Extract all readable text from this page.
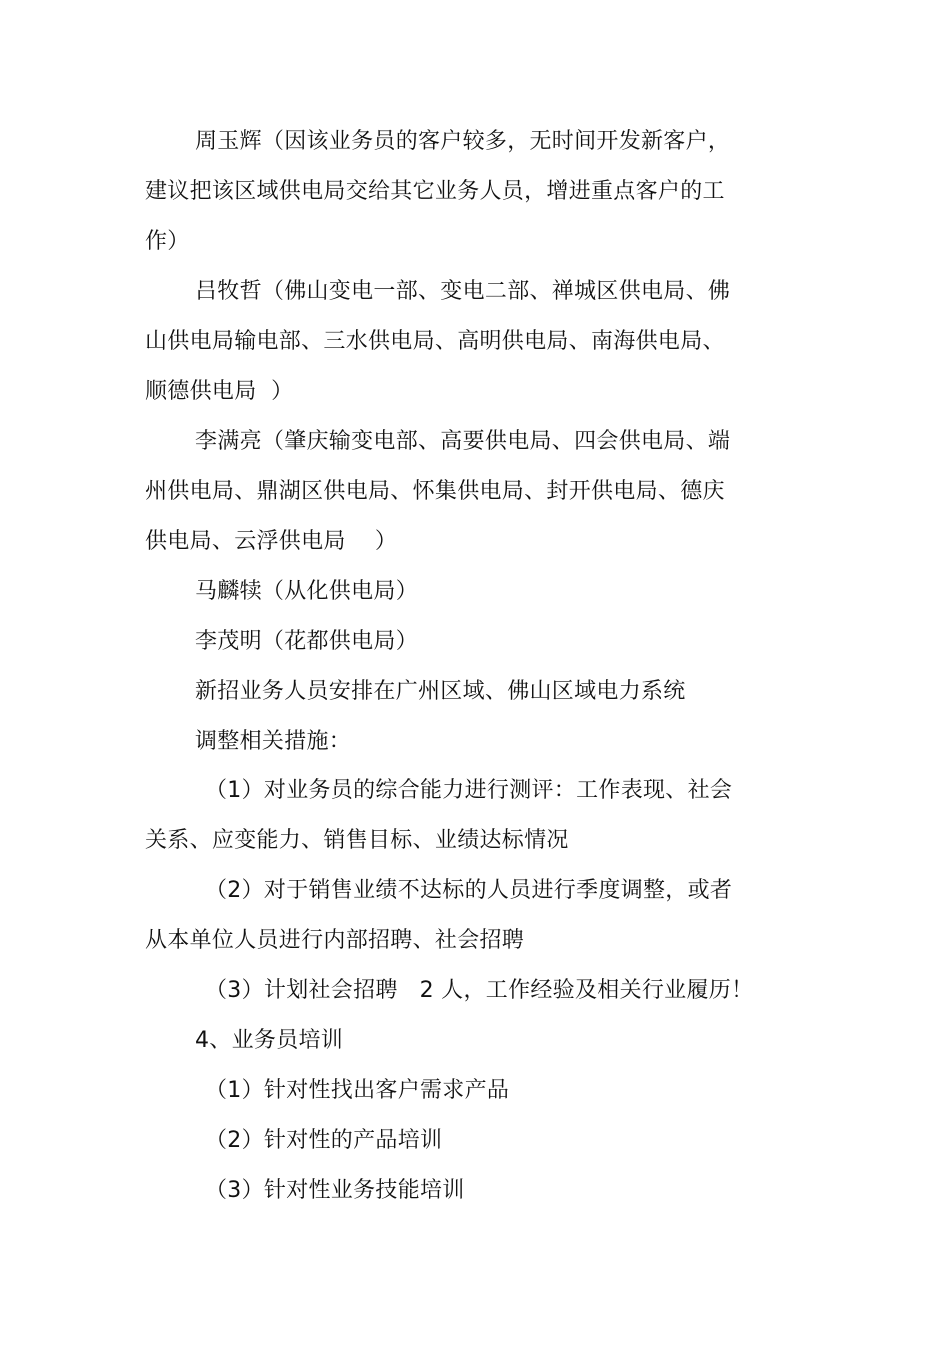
周玉辉（因该业务员的客户较多，无时间开发新客户，
建议把该区域供电局交给其它业务人员，增进重点客户的工
作）
吕牧哲（佛山变电一部、变电二部、禅城区供电局、佛
山供电局输电部、三水供电局、高明供电局、南海供电局、
顺德供电局  ）
李满亮（肇庆输变电部、高要供电局、四会供电局、端
州供电局、鼎湖区供电局、怀集供电局、封开供电局、德庆
供电局、云浮供电局    ）
马麟犊（从化供电局）
李茂明（花都供电局）
新招业务人员安排在广州区域、佛山区域电力系统
调整相关措施：
（1）对业务员的综合能力进行测评：工作表现、社会
关系、应变能力、销售目标、业绩达标情况
（2）对于销售业绩不达标的人员进行季度调整，或者
从本单位人员进行内部招聘、社会招聘
（3）计划社会招聘   2 人，工作经验及相关行业履历！
4、业务员培训
（1）针对性找出客户需求产品
（2）针对性的产品培训
（3）针对性业务技能培训
